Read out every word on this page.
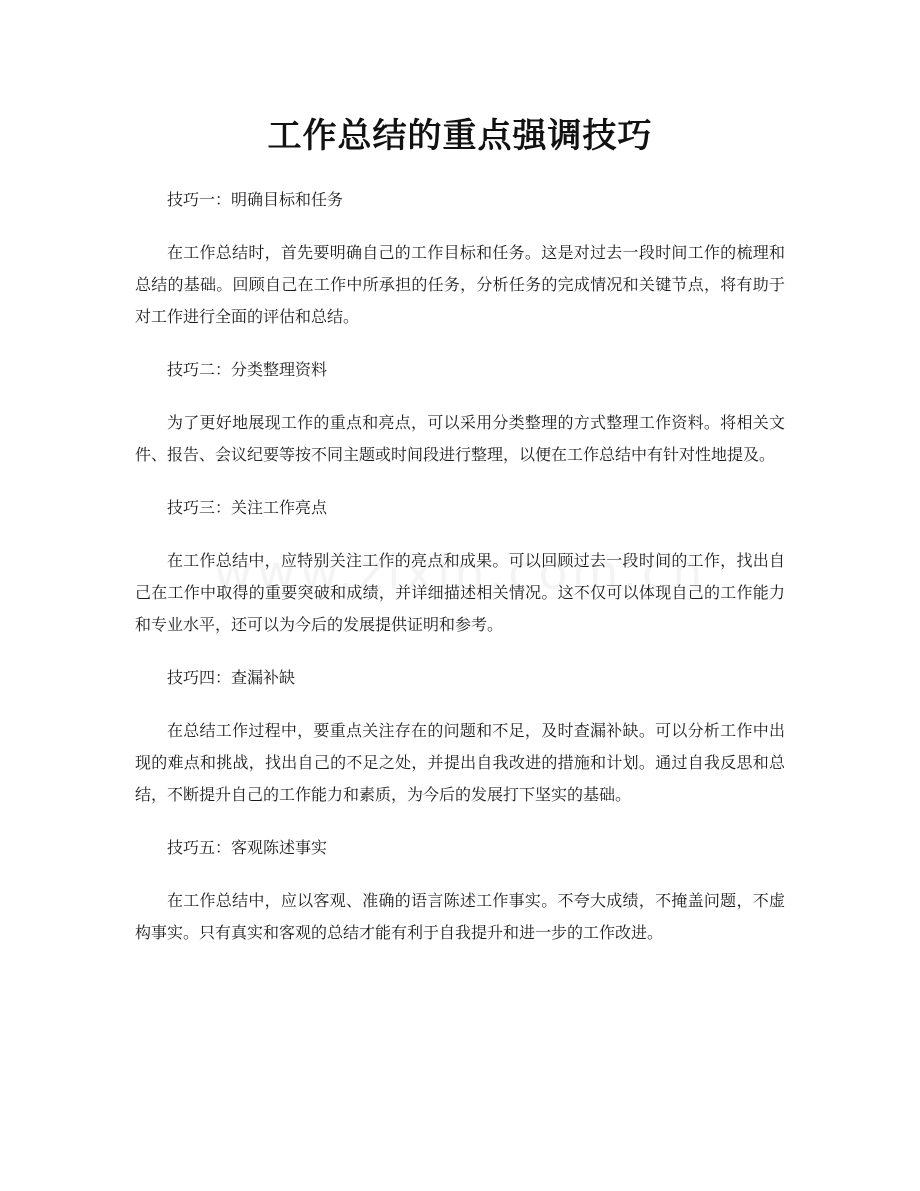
工作总结的重点强调技巧

技巧一：明确目标和任务

在工作总结时，首先要明确自己的工作目标和任务。这是对过去一段时间工作的梳理和总结的基础。回顾自己在工作中所承担的任务，分析任务的完成情况和关键节点，将有助于对工作进行全面的评估和总结。

技巧二：分类整理资料

为了更好地展现工作的重点和亮点，可以采用分类整理的方式整理工作资料。将相关文件、报告、会议纪要等按不同主题或时间段进行整理，以便在工作总结中有针对性地提及。

技巧三：关注工作亮点

在工作总结中，应特别关注工作的亮点和成果。可以回顾过去一段时间的工作，找出自己在工作中取得的重要突破和成绩，并详细描述相关情况。这不仅可以体现自己的工作能力和专业水平，还可以为今后的发展提供证明和参考。

技巧四：查漏补缺

在总结工作过程中，要重点关注存在的问题和不足，及时查漏补缺。可以分析工作中出现的难点和挑战，找出自己的不足之处，并提出自我改进的措施和计划。通过自我反思和总结，不断提升自己的工作能力和素质，为今后的发展打下坚实的基础。

技巧五：客观陈述事实

在工作总结中，应以客观、准确的语言陈述工作事实。不夸大成绩，不掩盖问题，不虚构事实。只有真实和客观的总结才能有利于自我提升和进一步的工作改进。
